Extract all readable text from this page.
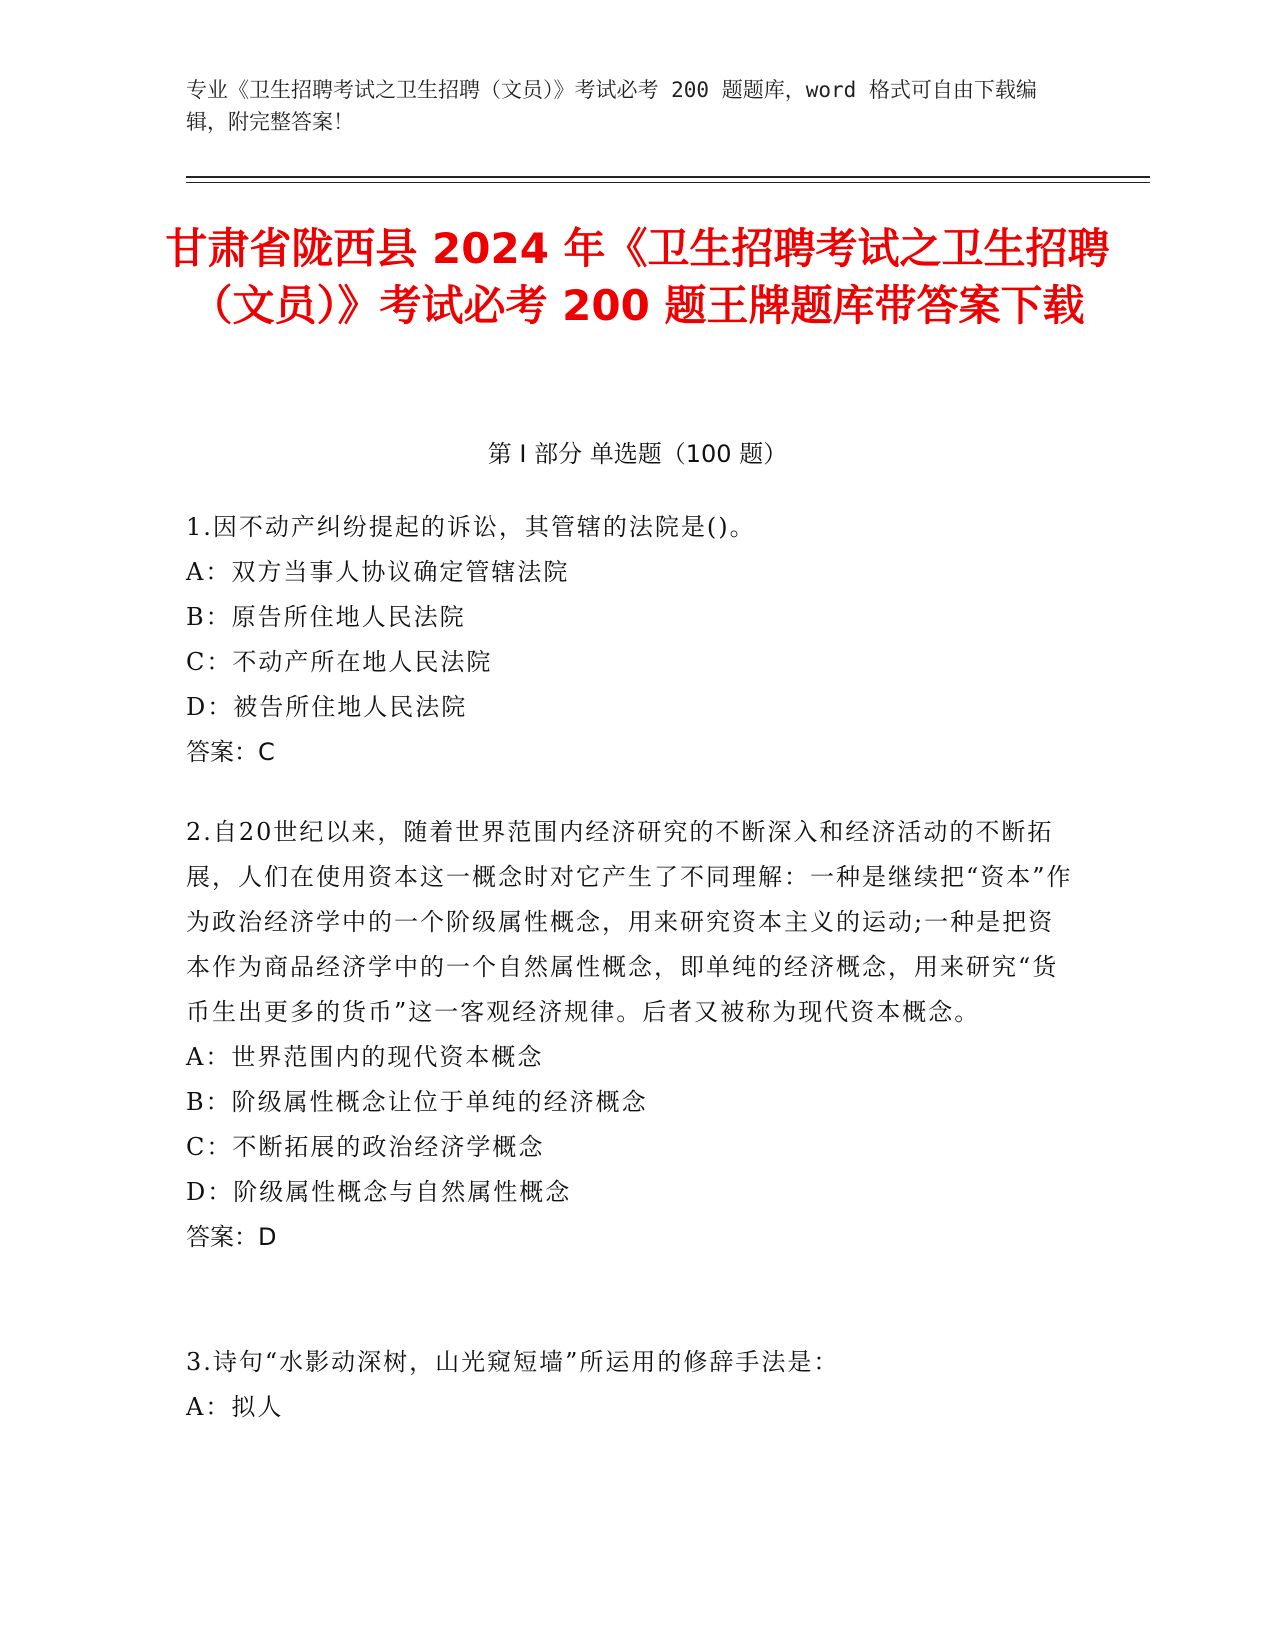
专业《卫生招聘考试之卫生招聘（文员）》考试必考 200 题题库，word 格式可自由下载编辑，附完整答案！
甘肃省陇西县 2024 年《卫生招聘考试之卫生招聘（文员）》考试必考 200 题王牌题库带答案下载
第 I 部分 单选题（100 题）
1.因不动产纠纷提起的诉讼，其管辖的法院是()。
A：双方当事人协议确定管辖法院
B：原告所住地人民法院
C：不动产所在地人民法院
D：被告所住地人民法院
答案：C
2.自20世纪以来，随着世界范围内经济研究的不断深入和经济活动的不断拓展，人们在使用资本这一概念时对它产生了不同理解：一种是继续把“资本”作为政治经济学中的一个阶级属性概念，用来研究资本主义的运动;一种是把资本作为商品经济学中的一个自然属性概念，即单纯的经济概念，用来研究“货币生出更多的货币”这一客观经济规律。后者又被称为现代资本概念。
A：世界范围内的现代资本概念
B：阶级属性概念让位于单纯的经济概念
C：不断拓展的政治经济学概念
D：阶级属性概念与自然属性概念
答案：D
3.诗句“水影动深树，山光窥短墙”所运用的修辞手法是：
A：拟人
